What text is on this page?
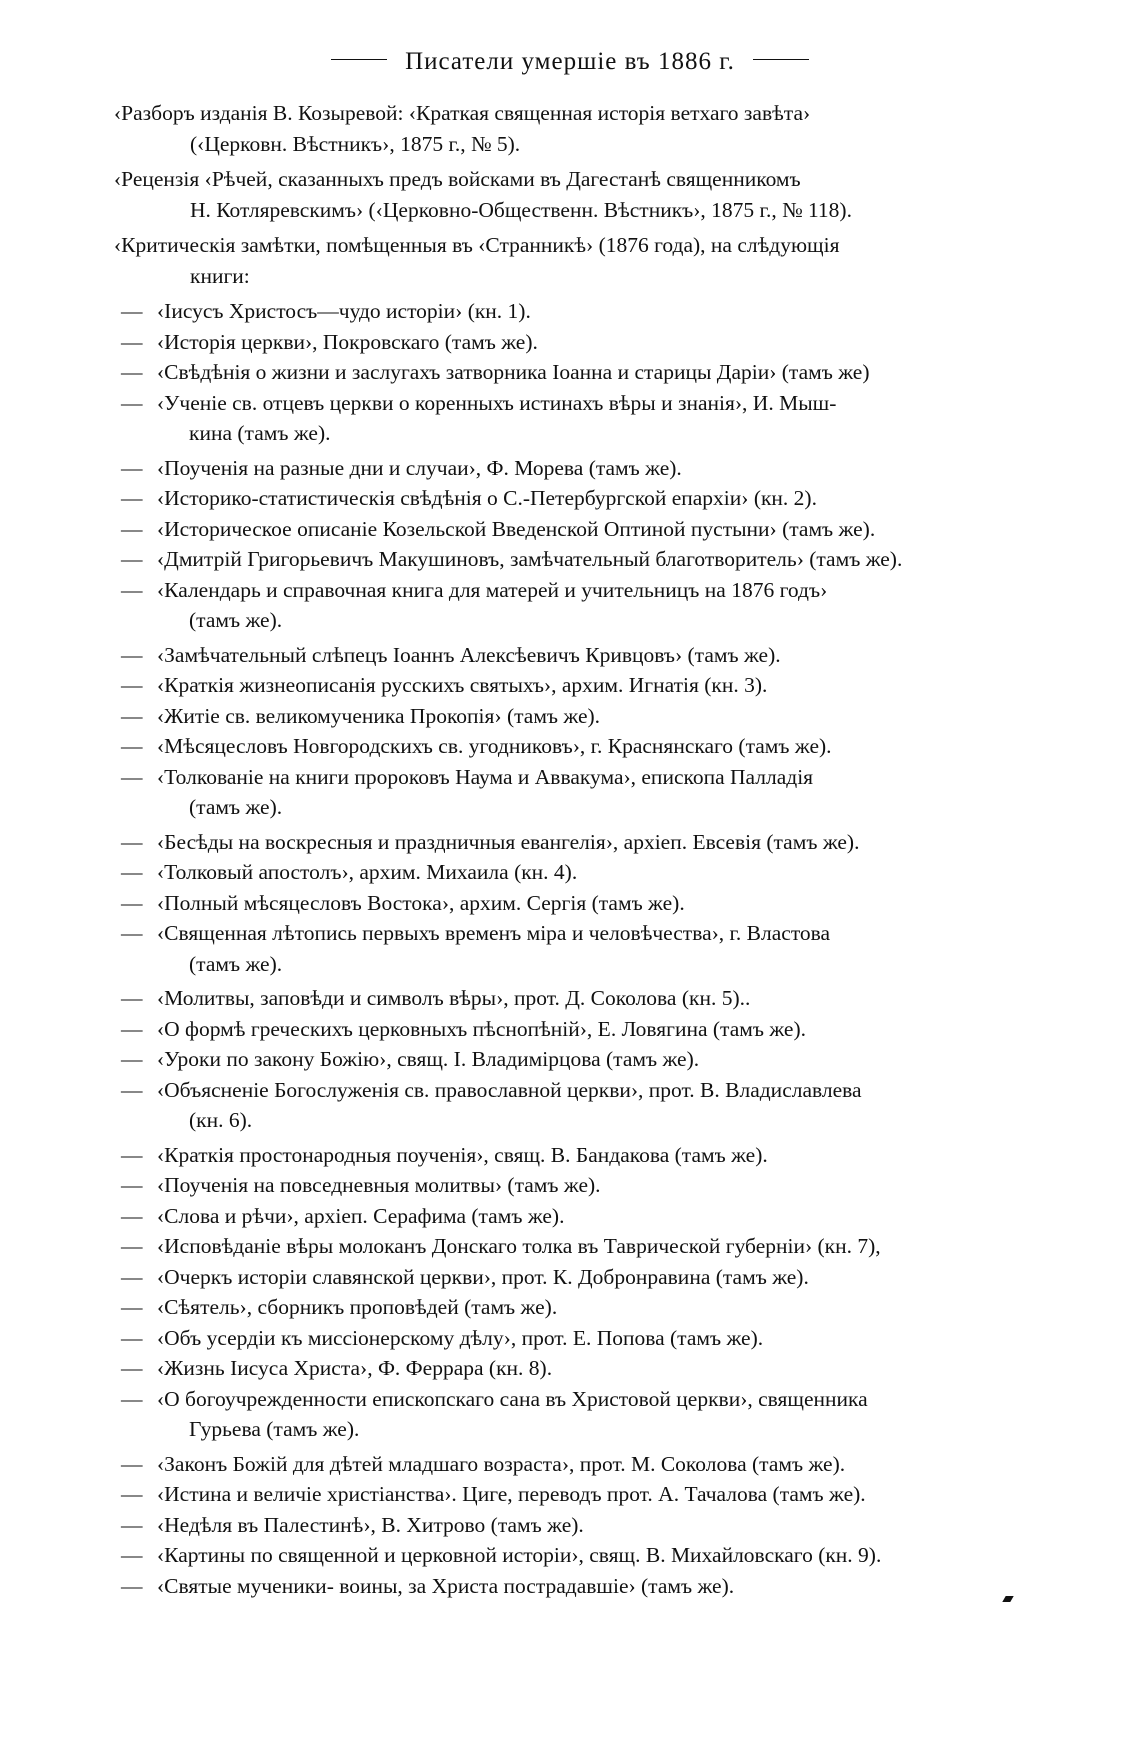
Писатели умершіе въ 1886 г.
‹Разборъ изданія В. Козыревой: ‹Краткая священная исторія ветхаго завѣта›
(‹Церковн. Вѣстникъ›, 1875 г., № 5).
‹Рецензія ‹Рѣчей, сказанныхъ предъ войсками въ Дагестанѣ священникомъ
Н. Котляревскимъ› (‹Церковно-Общественн. Вѣстникъ›, 1875 г., № 118).
‹Критическія замѣтки, помѣщенныя въ ‹Странникѣ› (1876 года), на слѣдующія
книги:
— ‹Іисусъ Христосъ—чудо исторіи› (кн. 1).
— ‹Исторія церкви›, Покровскаго (тамъ же).
— ‹Свѣдѣнія о жизни и заслугахъ затворника Іоанна и старицы Даріи› (тамъ же)
— ‹Ученіе св. отцевъ церкви о коренныхъ истинахъ вѣры и знанія›, И. Мыш-
кина (тамъ же).
— ‹Поученія на разные дни и случаи›, Ф. Морева (тамъ же).
— ‹Историко-статистическія свѣдѣнія о С.-Петербургской епархіи› (кн. 2).
— ‹Историческое описаніе Козельской Введенской Оптиной пустыни› (тамъ же).
— ‹Дмитрій Григорьевичъ Макушиновъ, замѣчательный благотворитель› (тамъ же).
— ‹Календарь и справочная книга для матерей и учительницъ на 1876 годъ›
(тамъ же).
— ‹Замѣчательный слѣпецъ Іоаннъ Алексѣевичъ Кривцовъ› (тамъ же).
— ‹Краткія жизнеописанія русскихъ святыхъ›, архим. Игнатія (кн. 3).
— ‹Житіе св. великомученика Прокопія› (тамъ же).
— ‹Мѣсяцесловъ Новгородскихъ св. угодниковъ›, г. Краснянскаго (тамъ же).
— ‹Толкованіе на книги пророковъ Наума и Аввакума›, епископа Палладія
(тамъ же).
— ‹Бесѣды на воскресныя и праздничныя евангелія›, архіеп. Евсевія (тамъ же).
— ‹Толковый апостолъ›, архим. Михаила (кн. 4).
— ‹Полный мѣсяцесловъ Востока›, архим. Сергія (тамъ же).
— ‹Священная лѣтопись первыхъ временъ міра и человѣчества›, г. Властова
(тамъ же).
— ‹Молитвы, заповѣди и символъ вѣры›, прот. Д. Соколова (кн. 5)..
— ‹О формѣ греческихъ церковныхъ пѣснопѣній›, Е. Ловягина (тамъ же).
— ‹Уроки по закону Божію›, свящ. І. Владимірцова (тамъ же).
— ‹Объясненіе Богослуженія св. православной церкви›, прот. В. Владиславлева
(кн. 6).
— ‹Краткія простонародныя поученія›, свящ. В. Бандакова (тамъ же).
— ‹Поученія на повседневныя молитвы› (тамъ же).
— ‹Слова и рѣчи›, архіеп. Серафима (тамъ же).
— ‹Исповѣданіе вѣры молоканъ Донскаго толка въ Таврической губерніи› (кн. 7),
— ‹Очеркъ исторіи славянской церкви›, прот. К. Добронравина (тамъ же).
— ‹Сѣятель›, сборникъ проповѣдей (тамъ же).
— ‹Объ усердіи къ миссіонерскому дѣлу›, прот. Е. Попова (тамъ же).
— ‹Жизнь Іисуса Христа›, Ф. Феррара (кн. 8).
— ‹О богоучрежденности епископскаго сана въ Христовой церкви›, священника
Гурьева (тамъ же).
— ‹Законъ Божій для дѣтей младшаго возраста›, прот. М. Соколова (тамъ же).
— ‹Истина и величіе христіанства›. Циге, переводъ прот. А. Тачалова (тамъ же).
— ‹Недѣля въ Палестинѣ›, В. Хитрово (тамъ же).
— ‹Картины по священной и церковной исторіи›, свящ. В. Михайловскаго (кн. 9).
— ‹Святые мученики- воины, за Христа пострадавшіе› (тамъ же).
